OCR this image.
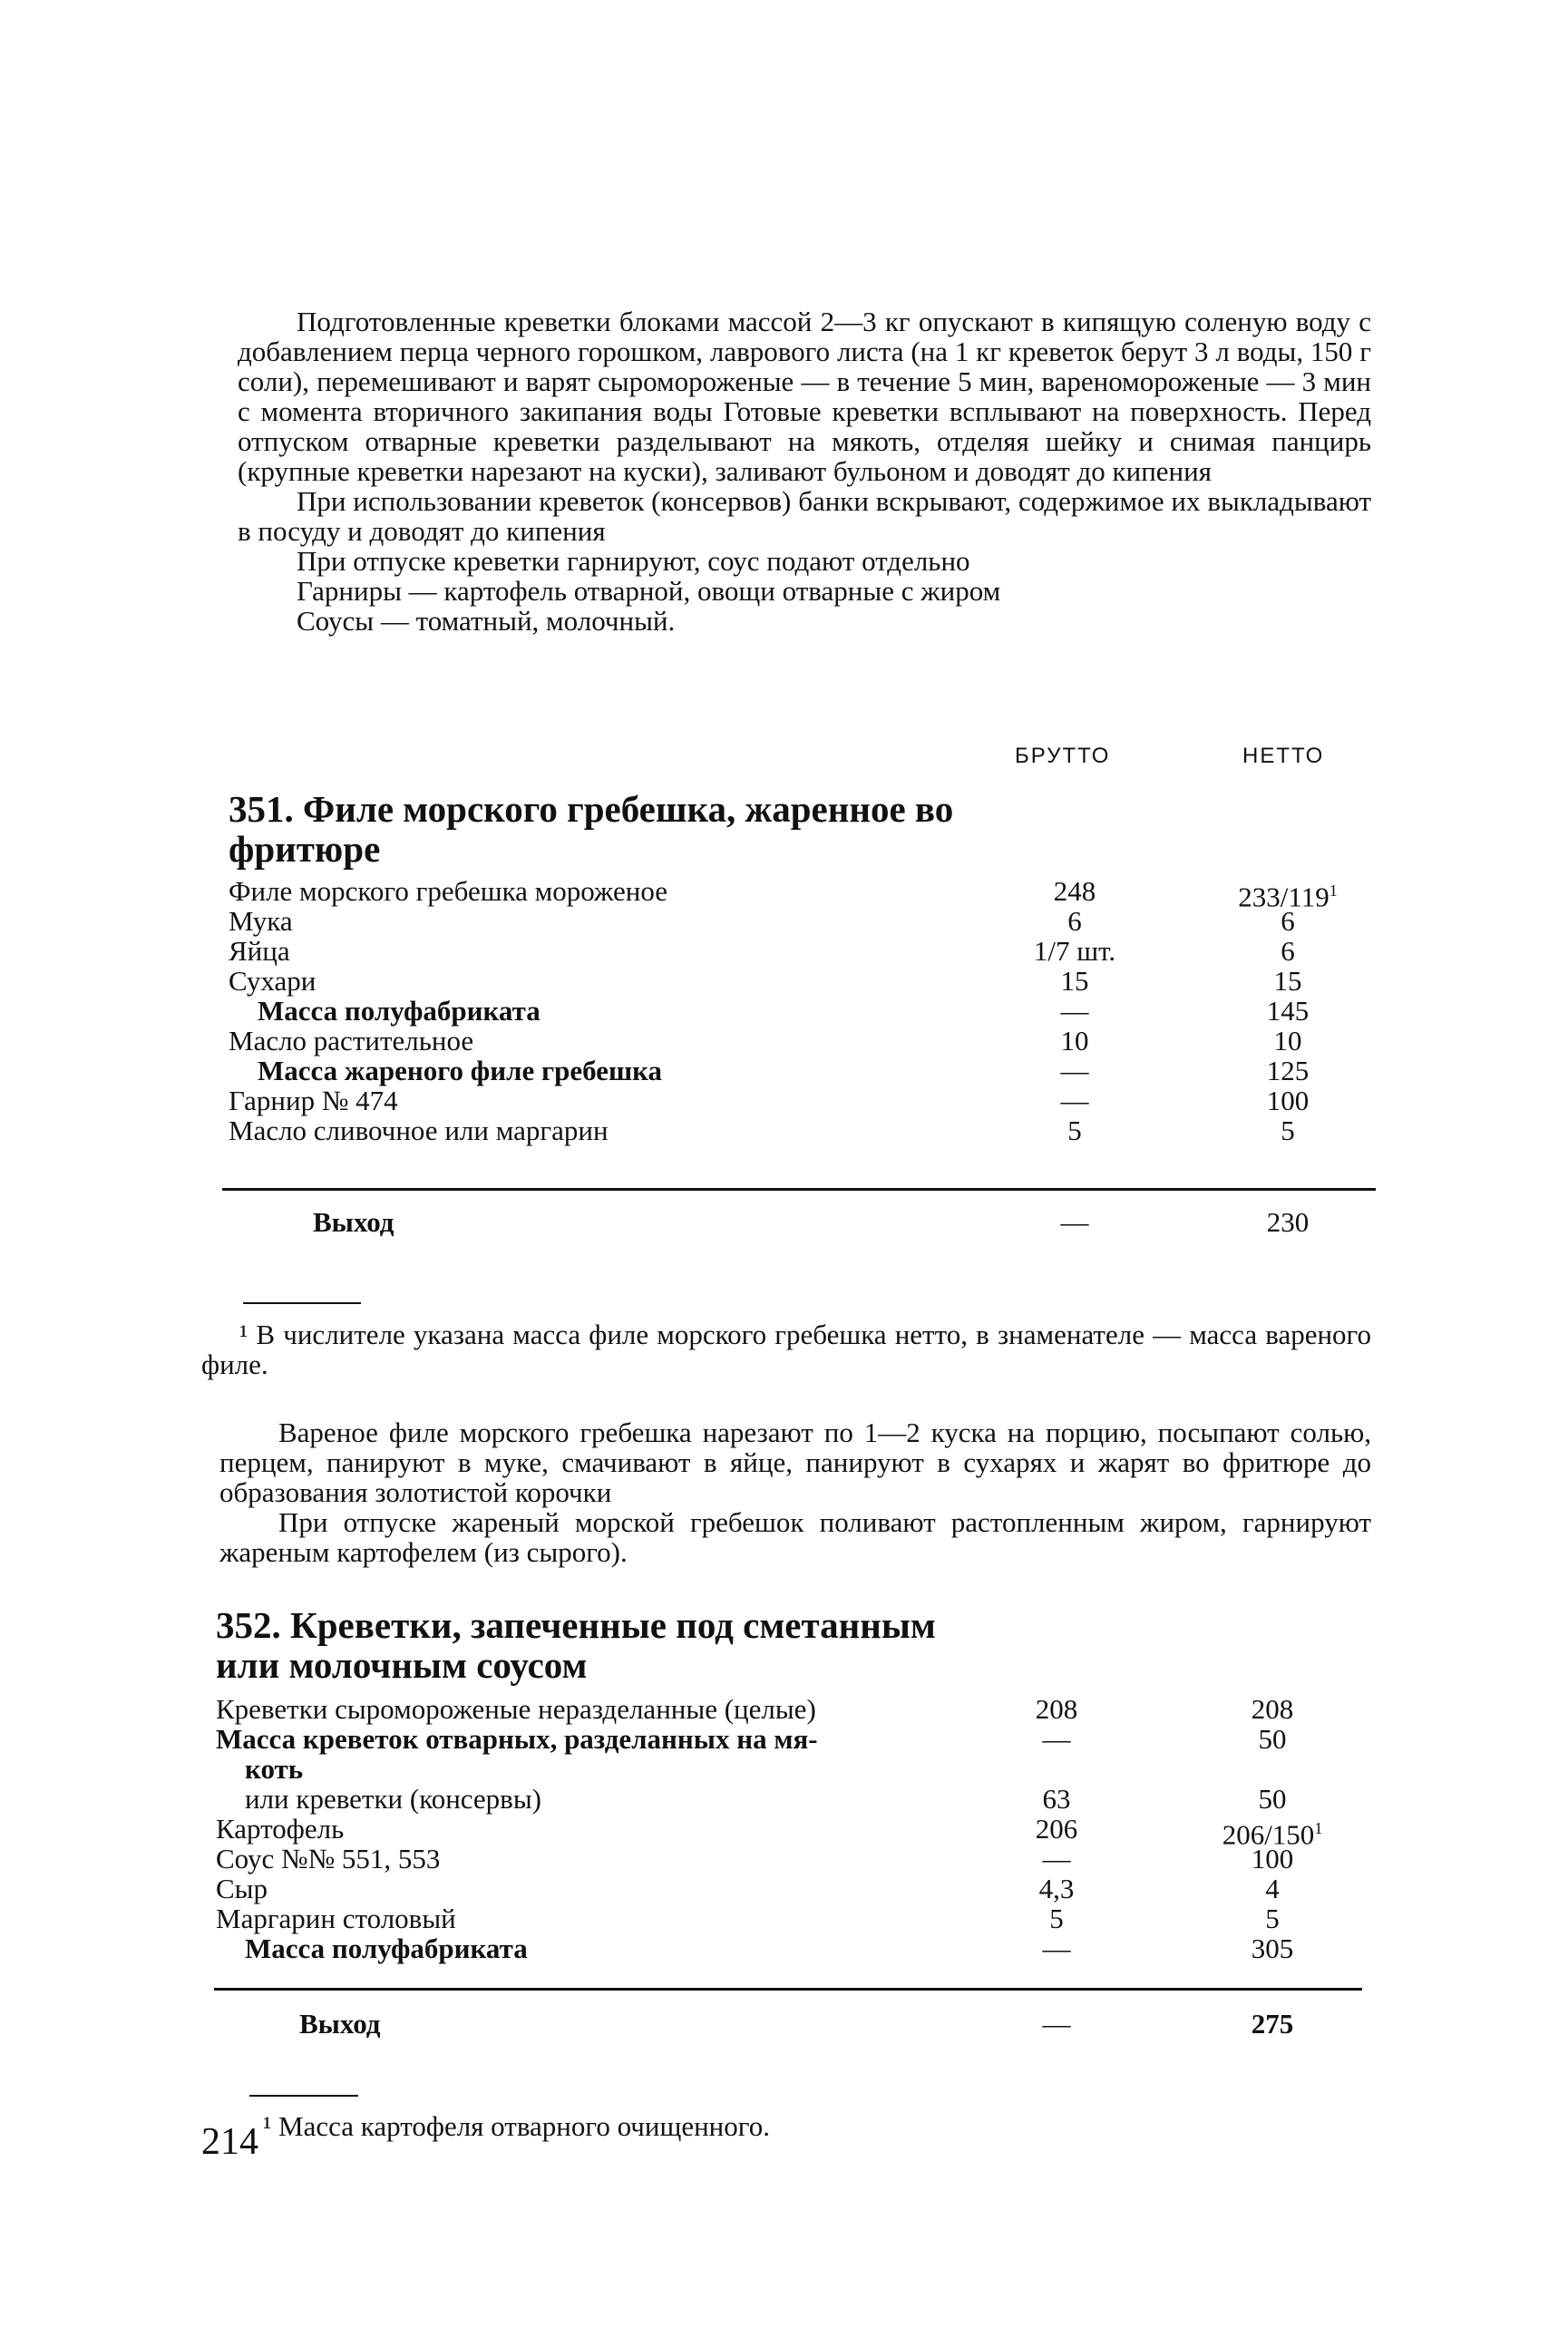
Подготовленные креветки блоками массой 2—3 кг опускают в кипящую соленую воду с добавлением перца черного горошком, лаврового листа (на 1 кг креветок берут 3 л воды, 150 г соли), перемешивают и варят сыромороженые — в течение 5 мин, вареномороженые — 3 мин с момента вторичного закипания воды Готовые креветки всплывают на поверхность. Перед отпуском отварные креветки разделывают на мякоть, отделяя шейку и снимая панцирь (крупные креветки нарезают на куски), заливают бульоном и доводят до кипения

При использовании креветок (консервов) банки вскрывают, содержимое их выкладывают в посуду и доводят до кипения

При отпуске креветки гарнируют, соус подают отдельно

Гарниры — картофель отварной, овощи отварные с жиром

Соусы — томатный, молочный.

БРУТТО	НЕТТО
351. Филе морского гребешка, жаренное во фритюре
Филе морского гребешка мороженое	248	$233/119^1$
Мука	6	6
Яйца	1/7 шт.	6
Сухари	15	15
Масса полуфабриката	—	145
Масло растительное	10	10
Масса жареного филе гребешка	—	125
Гарнир № 474	—	100
Масло сливочное или маргарин	5	5
Выход	—	230

¹ В числителе указана масса филе морского гребешка нетто, в знаменателе — масса вареного филе.

Вареное филе морского гребешка нарезают по 1—2 куска на порцию, посыпают солью, перцем, панируют в муке, смачивают в яйце, панируют в сухарях и жарят во фритюре до образования золотистой корочки

При отпуске жареный морской гребешок поливают растопленным жиром, гарнируют жареным картофелем (из сырого).

352. Креветки, запеченные под сметанным или молочным соусом
Креветки сыромороженые неразделанные (целые)	208	208
Масса креветок отварных, разделанных на мя-	—	50
коть
или креветки (консервы)	63	50
Картофель	206	$206/150^1$
Соус №№ 551, 553	—	100
Сыр	4,3	4
Маргарин столовый	5	5
Масса полуфабриката	—	305
Выход	—	275

¹ Масса картофеля отварного очищенного.

214
